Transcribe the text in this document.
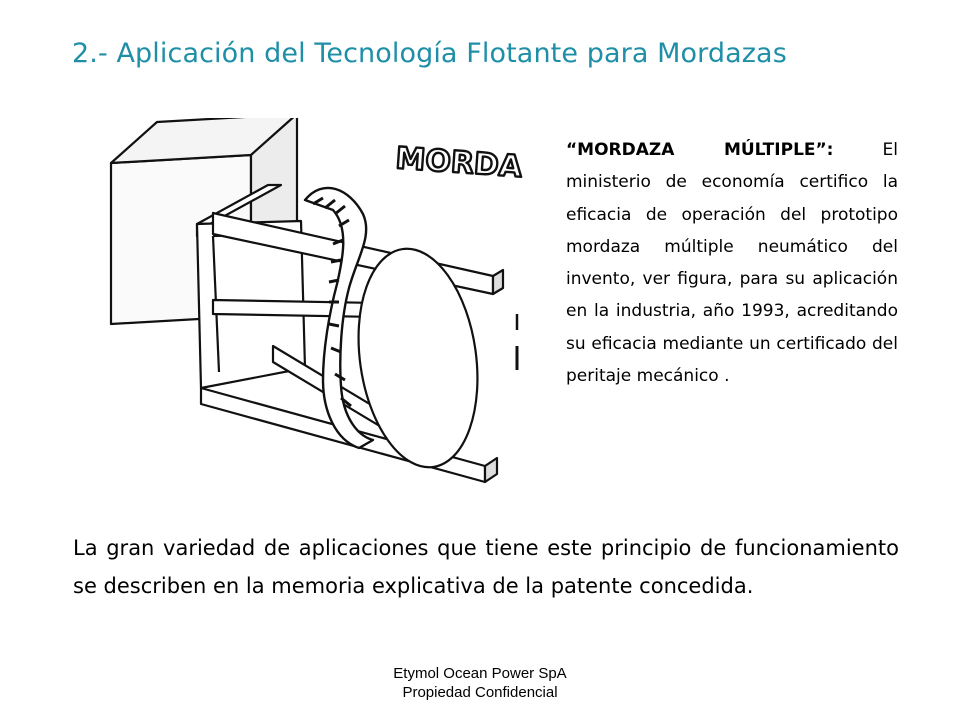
2.- Aplicación del Tecnología Flotante para Mordazas
MORDA	“MORDAZA MÚLTIPLE”: El ministerio de economía certifico la eficacia de operación del prototipo mordaza múltiple neumático del invento, ver figura, para su aplicación en la industria, año 1993, acreditando su eficacia mediante un certificado del peritaje mecánico .
La gran variedad de aplicaciones que tiene este principio de funcionamiento se describen en la memoria explicativa de la patente concedida.
Etymol Ocean Power SpA
Propiedad Confidencial
